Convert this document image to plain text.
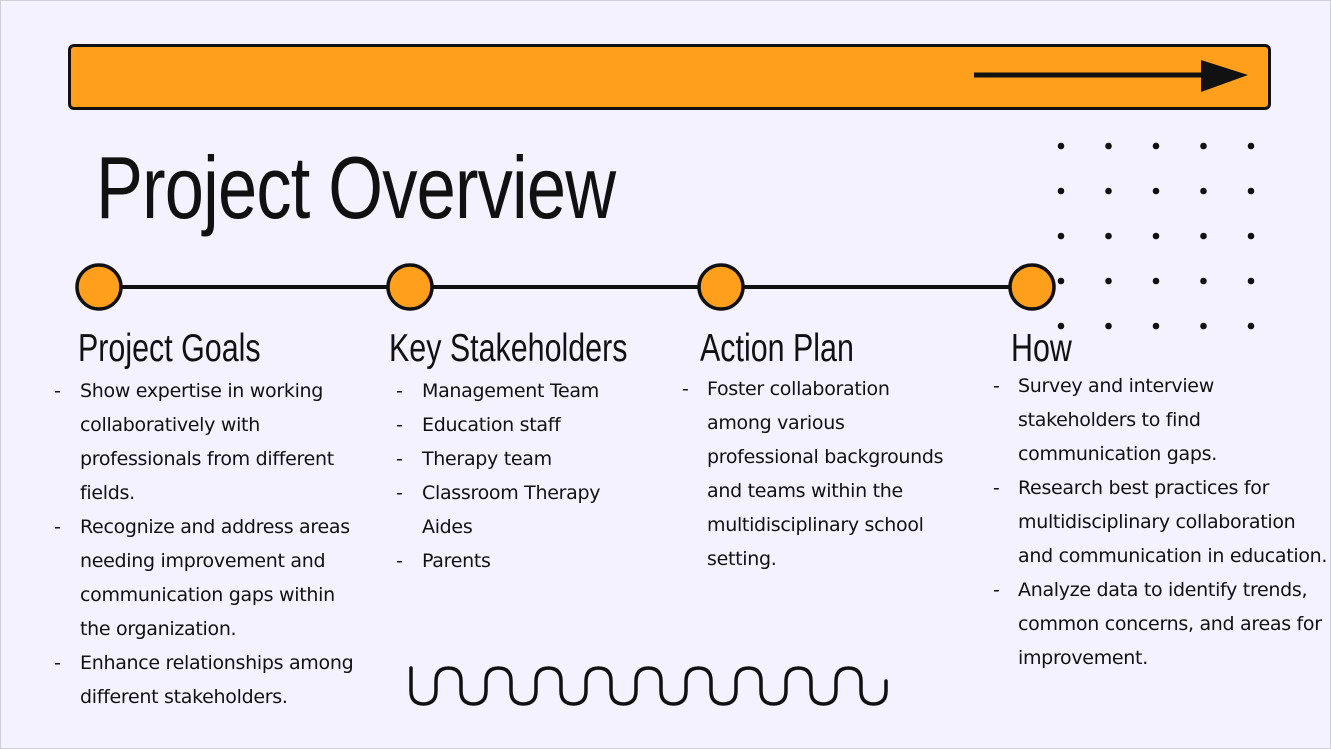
Project Overview
Project Goals
- Show expertise in working collaboratively with professionals from different fields.
- Recognize and address areas needing improvement and communication gaps within the organization.
- Enhance relationships among different stakeholders.
Key Stakeholders
- Management Team
- Education staff
- Therapy team
- Classroom Therapy Aides
- Parents
Action Plan
- Foster collaboration among various professional backgrounds and teams within the multidisciplinary school setting.
How
- Survey and interview stakeholders to find communication gaps.
- Research best practices for multidisciplinary collaboration and communication in education.
- Analyze data to identify trends, common concerns, and areas for improvement.
